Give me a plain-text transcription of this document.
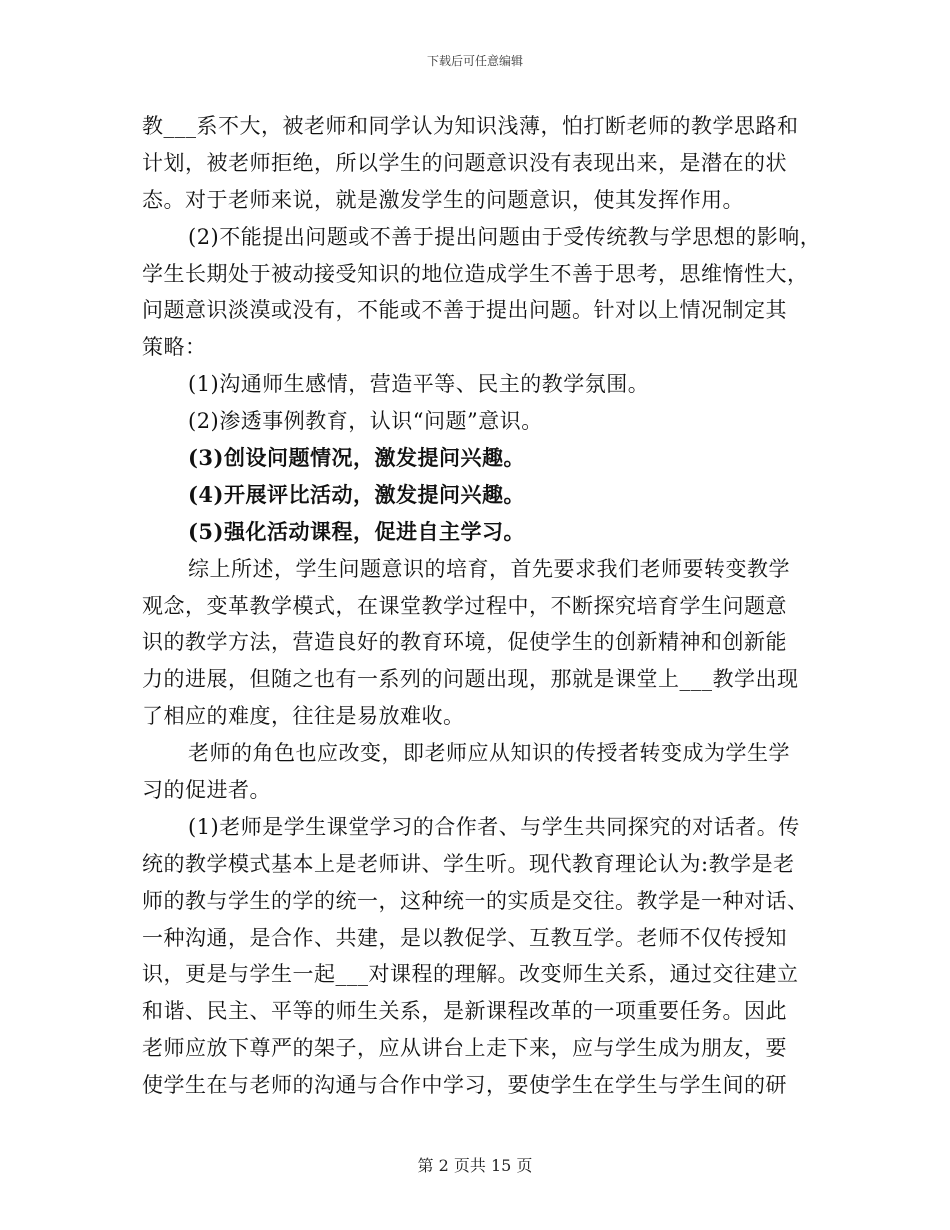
下载后可任意编辑
教___系不大，被老师和同学认为知识浅薄，怕打断老师的教学思路和
计划，被老师拒绝，所以学生的问题意识没有表现出来，是潜在的状
态。对于老师来说，就是激发学生的问题意识，使其发挥作用。
(2)不能提出问题或不善于提出问题由于受传统教与学思想的影响，
学生长期处于被动接受知识的地位造成学生不善于思考，思维惰性大，
问题意识淡漠或没有，不能或不善于提出问题。针对以上情况制定其
策略：
(1)沟通师生感情，营造平等、民主的教学氛围。
(2)渗透事例教育，认识“问题”意识。
(3)创设问题情况，激发提问兴趣。
(4)开展评比活动，激发提问兴趣。
(5)强化活动课程，促进自主学习。
综上所述，学生问题意识的培育，首先要求我们老师要转变教学
观念，变革教学模式，在课堂教学过程中，不断探究培育学生问题意
识的教学方法，营造良好的教育环境，促使学生的创新精神和创新能
力的进展，但随之也有一系列的问题出现，那就是课堂上___教学出现
了相应的难度，往往是易放难收。
老师的角色也应改变，即老师应从知识的传授者转变成为学生学
习的促进者。
(1)老师是学生课堂学习的合作者、与学生共同探究的对话者。传
统的教学模式基本上是老师讲、学生听。现代教育理论认为:教学是老
师的教与学生的学的统一，这种统一的实质是交往。教学是一种对话、
一种沟通，是合作、共建，是以教促学、互教互学。老师不仅传授知
识，更是与学生一起___对课程的理解。改变师生关系，通过交往建立
和谐、民主、平等的师生关系，是新课程改革的一项重要任务。因此
老师应放下尊严的架子，应从讲台上走下来，应与学生成为朋友，要
使学生在与老师的沟通与合作中学习，要使学生在学生与学生间的研
第 2 页共 15 页
